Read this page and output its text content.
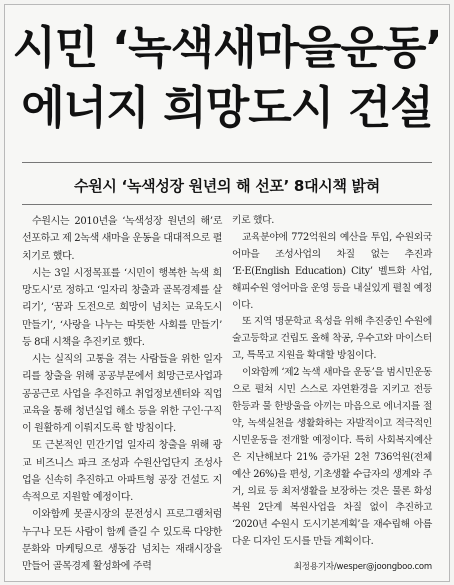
시민 ‘녹색새마을운동’
에너지 희망도시 건설
수원시 ‘녹색성장 원년의 해 선포’ 8대시책 밝혀

수원시는 2010년을 ‘녹색성장 원년의 해’로 선포하고 제 2녹색 새마을 운동을 대대적으로 펼치기로 했다.

시는 3일 시정목표를 ‘시민이 행복한 녹색 희망도시’로 정하고 ‘일자리 창출과 골목경제를 살리기’, ‘꿈과 도전으로 희망이 넘치는 교육도시 만들기’, ‘사랑을 나누는 따뜻한 사회를 만들기’ 등 8대 시책을 추진키로 했다.

시는 실직의 고통을 겪는 사람들을 위한 일자리를 창출을 위해 공공부문에서 희망근로사업과 공공근로 사업을 추진하고 취업정보센터와 직업교육을 통해 청년실업 해소 등을 위한 구인·구직이 원활하게 이뤄지도록 할 방침이다.

또 근본적인 민간기업 일자리 창출을 위해 광교 비즈니스 파크 조성과 수원산업단지 조성사업을 신속히 추진하고 아파트형 공장 건설도 지속적으로 지원할 예정이다.

이와함께 못골시장의 문전성시 프로그램처럼 누구나 모든 사람이 함께 즐길 수 있도록 다양한 문화와 마케팅으로 생동감 넘치는 재래시장을 만들어 골목경제 활성화에 주력

키로 했다.

교육분야에 772억원의 예산을 투입, 수원외국어마을 조성사업의 차질 없는 추진과 ‘E·E(English Education) City’ 벨트화 사업, 해피수원 영어마을 운영 등을 내실있게 펼칠 예정이다.

또 지역 명문학교 육성을 위해 추진중인 수원에술고등학교 건립도 올해 착공, 우수고와 마이스터고, 특목고 지원을 확대할 방침이다.

이와함께 ‘제2 녹색 새마을 운동’을 범시민운동으로 펼쳐 시민 스스로 자연환경을 지키고 전등 한등과 물 한방울을 아끼는 마음으로 에너지를 절약, 녹색실천을 생활화하는 자발적이고 적극적인 시민운동을 전개할 예정이다. 특히 사회복지예산은 지난해보다 21% 증가된 2천 736억원(전체 예산 26%)을 편성, 기초생활 수급자의 생계와 주거, 의료 등 최저생활을 보장하는 것은 물론 화성복원 2단계 복원사업을 차질 없이 추진하고 ‘2020년 수원시 도시기본계획’을 재수립해 아름다운 디자인 도시를 만들 계획이다.

최정용기자/wesper@joongboo.com
